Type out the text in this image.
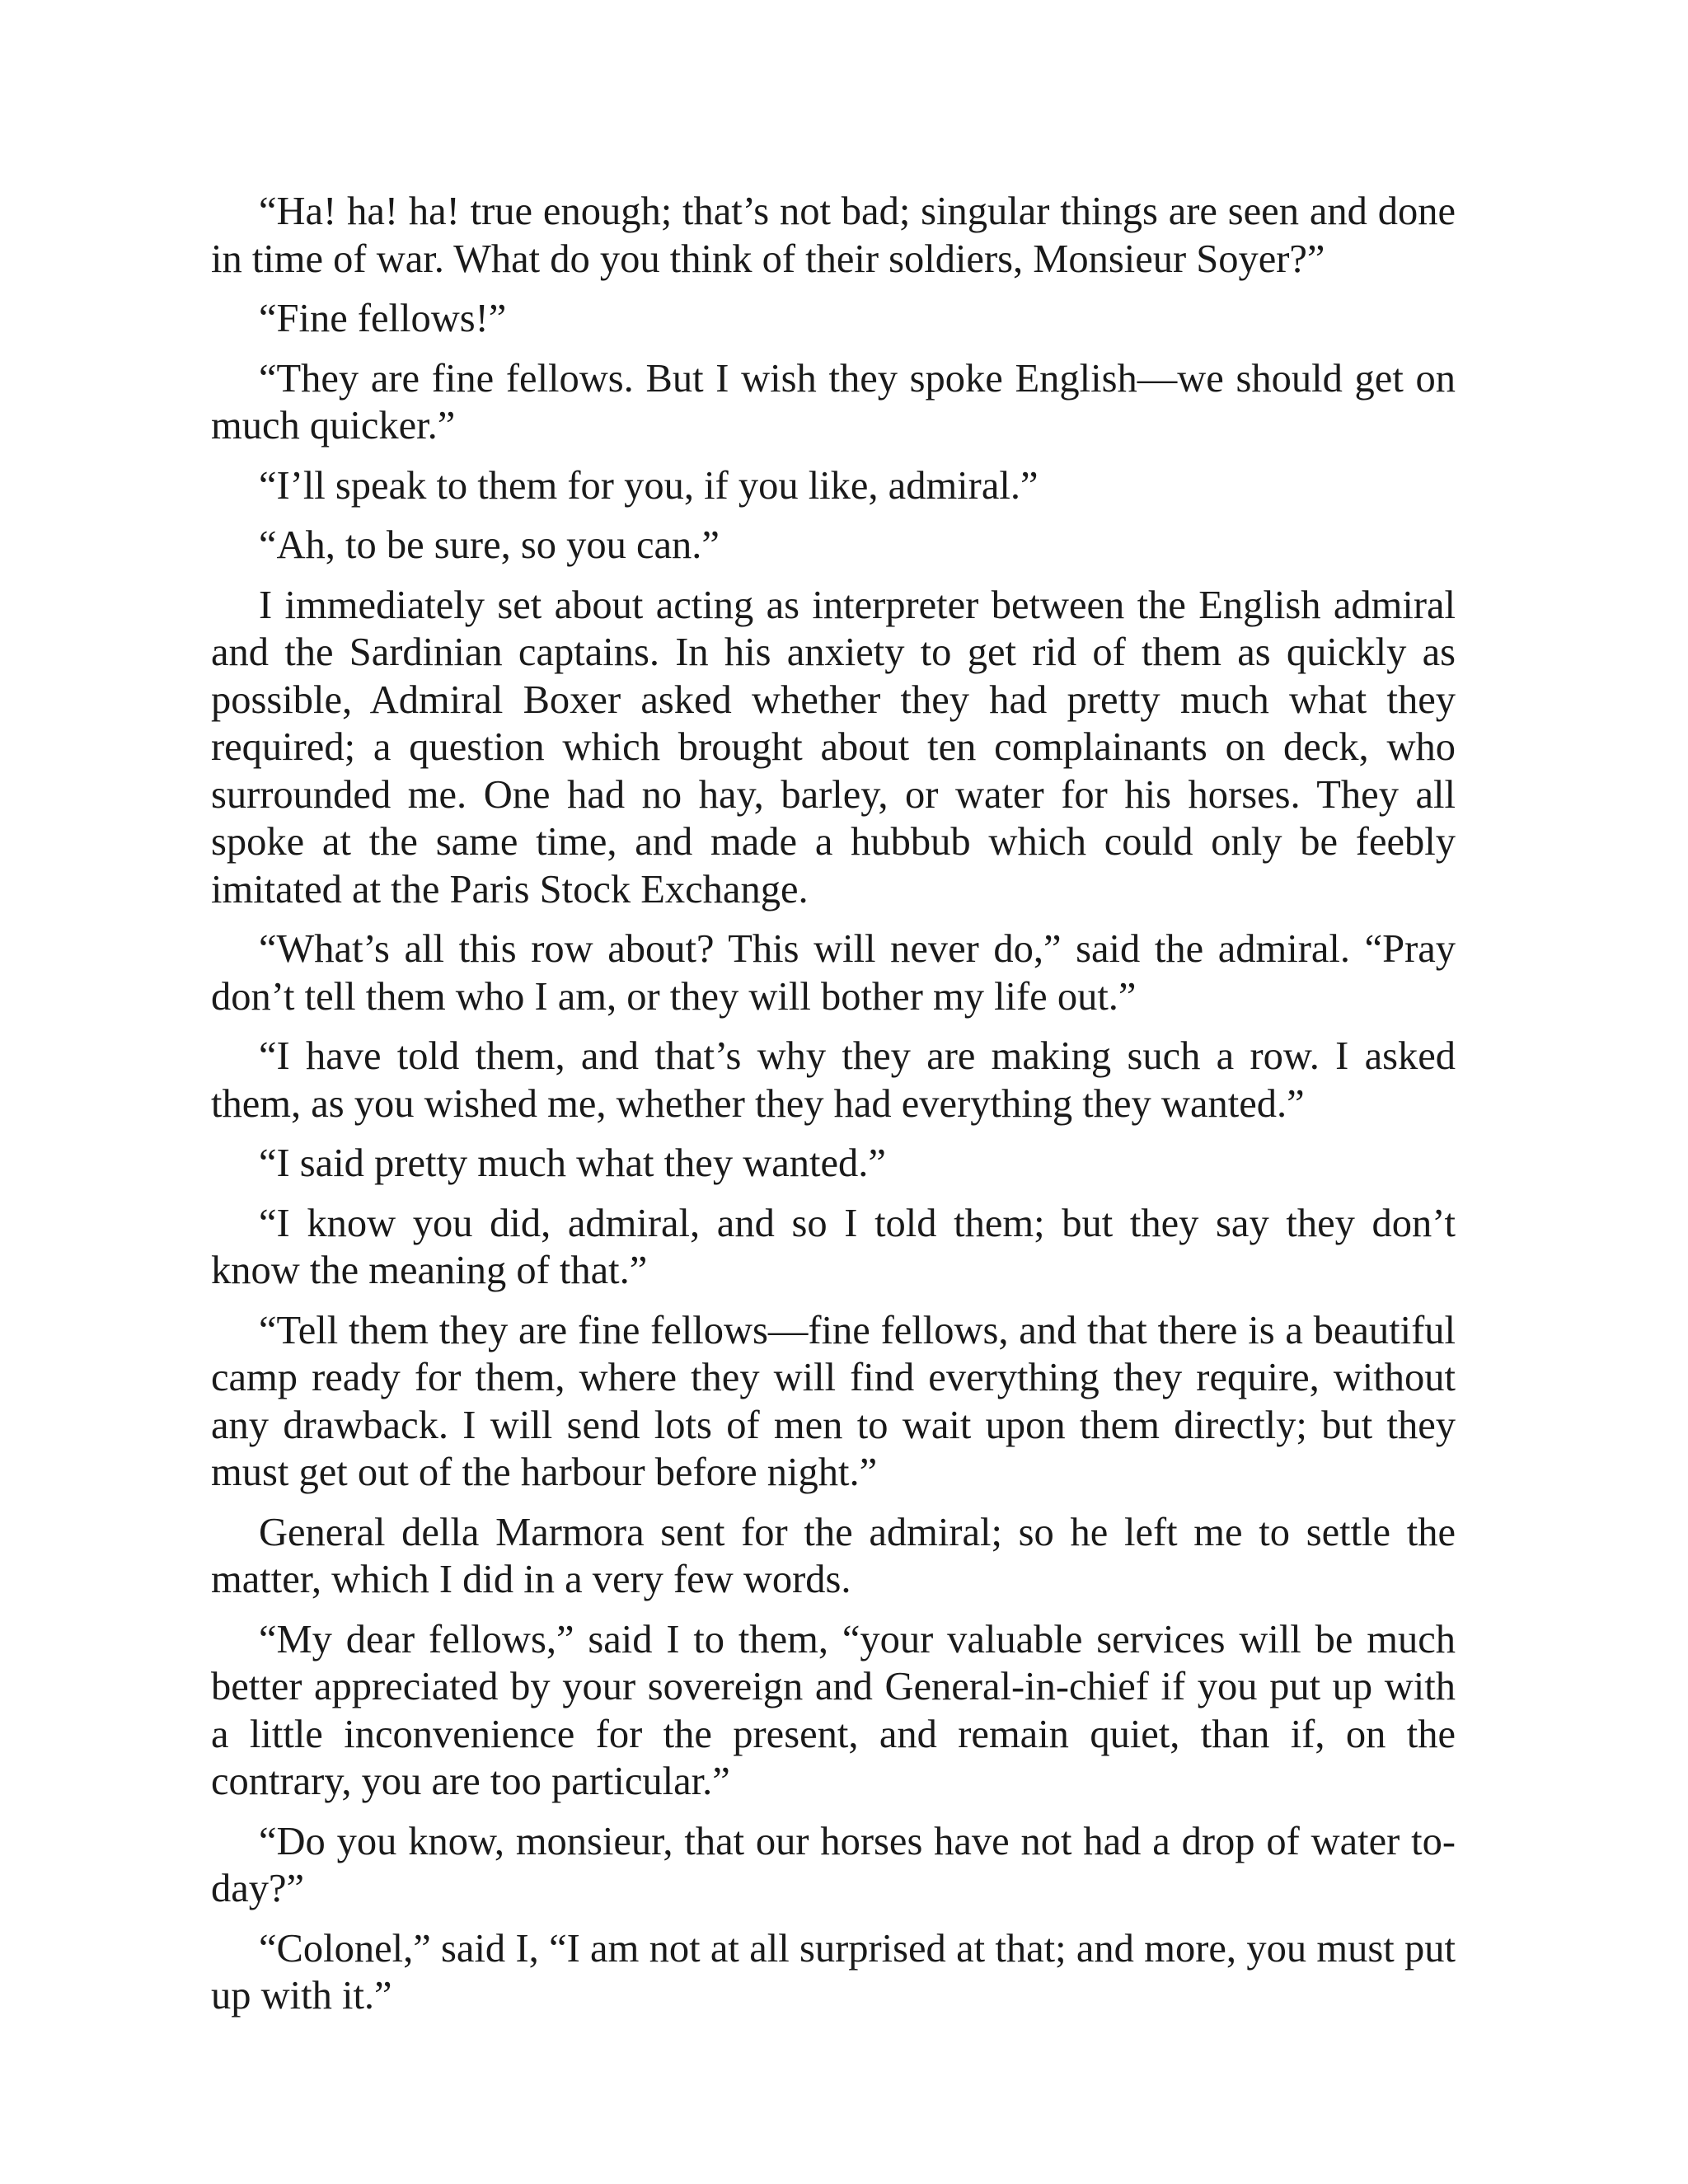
“Ha! ha! ha! true enough; that’s not bad; singular things are seen and done in time of war. What do you think of their soldiers, Monsieur Soyer?”

“Fine fellows!”

“They are fine fellows. But I wish they spoke English—we should get on much quicker.”

“I’ll speak to them for you, if you like, admiral.”

“Ah, to be sure, so you can.”

I immediately set about acting as interpreter between the English admiral and the Sardinian captains. In his anxiety to get rid of them as quickly as possible, Admiral Boxer asked whether they had pretty much what they required; a question which brought about ten complainants on deck, who surrounded me. One had no hay, barley, or water for his horses. They all spoke at the same time, and made a hubbub which could only be feebly imitated at the Paris Stock Exchange.

“What’s all this row about? This will never do,” said the admiral. “Pray don’t tell them who I am, or they will bother my life out.”

“I have told them, and that’s why they are making such a row. I asked them, as you wished me, whether they had everything they wanted.”

“I said pretty much what they wanted.”

“I know you did, admiral, and so I told them; but they say they don’t know the meaning of that.”

“Tell them they are fine fellows—fine fellows, and that there is a beautiful camp ready for them, where they will find everything they require, without any drawback. I will send lots of men to wait upon them directly; but they must get out of the harbour before night.”

General della Marmora sent for the admiral; so he left me to settle the matter, which I did in a very few words.

“My dear fellows,” said I to them, “your valuable services will be much better appreciated by your sovereign and General-in-chief if you put up with a little inconvenience for the present, and remain quiet, than if, on the contrary, you are too particular.”

“Do you know, monsieur, that our horses have not had a drop of water to-day?”

“Colonel,” said I, “I am not at all surprised at that; and more, you must put up with it.”
